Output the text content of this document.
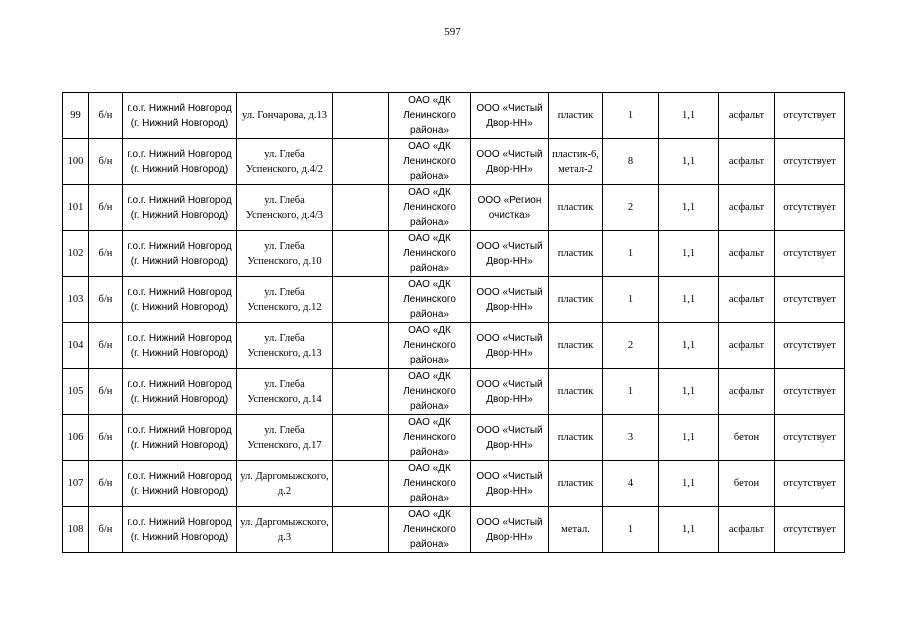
597
99	б/н	г.о.г. Нижний Новгород (г. Нижний Новгород)	ул. Гончарова, д.13		ОАО «ДК Ленинского района»	ООО «Чистый Двор-НН»	пластик	1	1,1	асфальт	отсутствует
100	б/н	г.о.г. Нижний Новгород (г. Нижний Новгород)	ул. Глеба Успенского, д.4/2		ОАО «ДК Ленинского района»	ООО «Чистый Двор-НН»	пластик-6, метал-2	8	1,1	асфальт	отсутствует
101	б/н	г.о.г. Нижний Новгород (г. Нижний Новгород)	ул. Глеба Успенского, д.4/3		ОАО «ДК Ленинского района»	ООО «Регион очистка»	пластик	2	1,1	асфальт	отсутствует
102	б/н	г.о.г. Нижний Новгород (г. Нижний Новгород)	ул. Глеба Успенского, д.10		ОАО «ДК Ленинского района»	ООО «Чистый Двор-НН»	пластик	1	1,1	асфальт	отсутствует
103	б/н	г.о.г. Нижний Новгород (г. Нижний Новгород)	ул. Глеба Успенского, д.12		ОАО «ДК Ленинского района»	ООО «Чистый Двор-НН»	пластик	1	1,1	асфальт	отсутствует
104	б/н	г.о.г. Нижний Новгород (г. Нижний Новгород)	ул. Глеба Успенского, д.13		ОАО «ДК Ленинского района»	ООО «Чистый Двор-НН»	пластик	2	1,1	асфальт	отсутствует
105	б/н	г.о.г. Нижний Новгород (г. Нижний Новгород)	ул. Глеба Успенского, д.14		ОАО «ДК Ленинского района»	ООО «Чистый Двор-НН»	пластик	1	1,1	асфальт	отсутствует
106	б/н	г.о.г. Нижний Новгород (г. Нижний Новгород)	ул. Глеба Успенского, д.17		ОАО «ДК Ленинского района»	ООО «Чистый Двор-НН»	пластик	3	1,1	бетон	отсутствует
107	б/н	г.о.г. Нижний Новгород (г. Нижний Новгород)	ул. Даргомыжского, д.2		ОАО «ДК Ленинского района»	ООО «Чистый Двор-НН»	пластик	4	1,1	бетон	отсутствует
108	б/н	г.о.г. Нижний Новгород (г. Нижний Новгород)	ул. Даргомыжского, д.3		ОАО «ДК Ленинского района»	ООО «Чистый Двор-НН»	метал.	1	1,1	асфальт	отсутствует
